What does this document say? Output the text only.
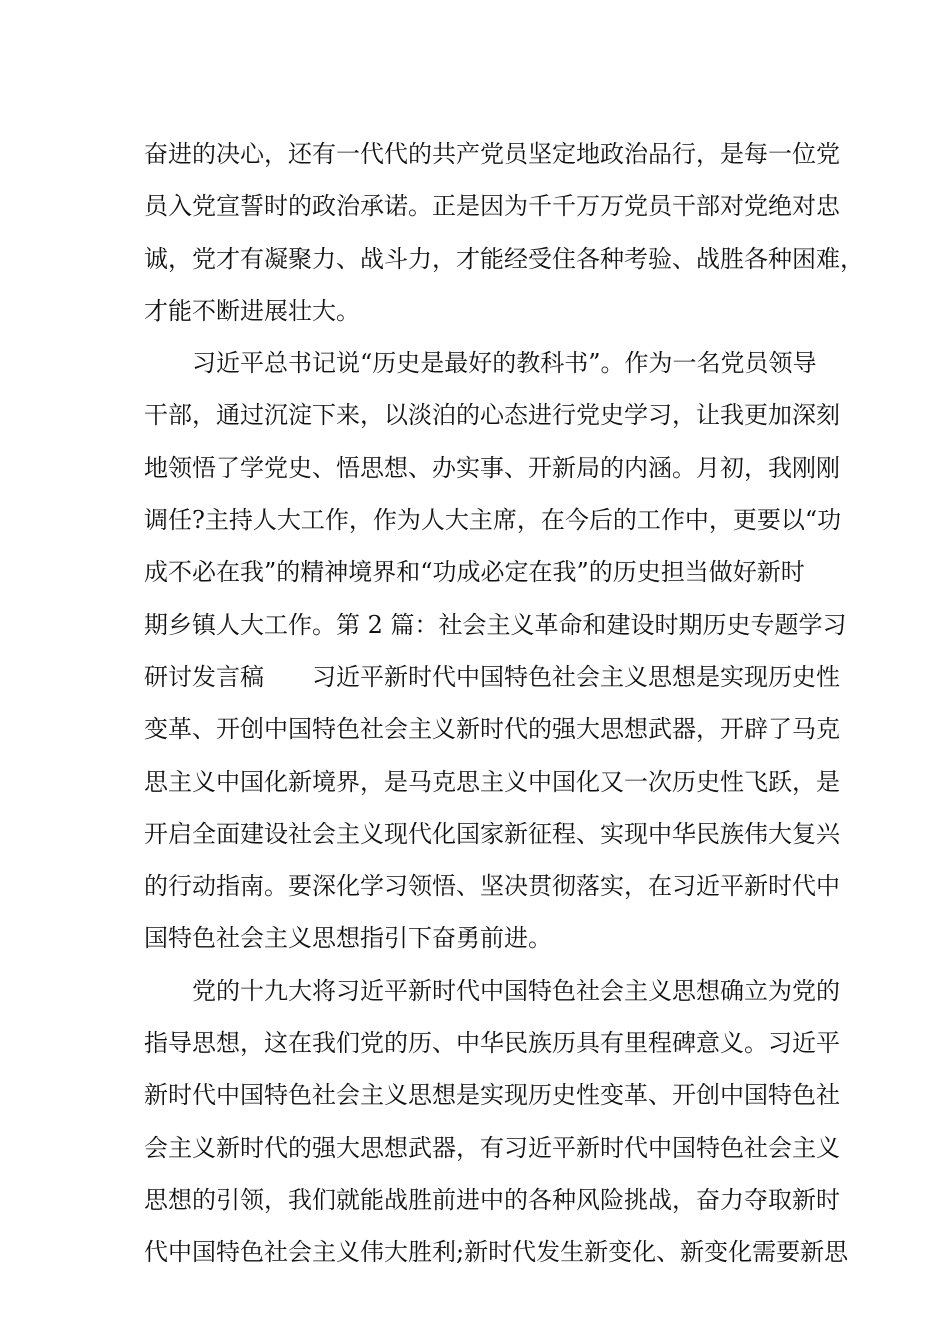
奋进的决心，还有一代代的共产党员坚定地政治品行，是每一位党
员入党宣誓时的政治承诺。正是因为千千万万党员干部对党绝对忠
诚，党才有凝聚力、战斗力，才能经受住各种考验、战胜各种困难，
才能不断进展壮大。
习近平总书记说“历史是最好的教科书”。作为一名党员领导
干部，通过沉淀下来，以淡泊的心态进行党史学习，让我更加深刻
地领悟了学党史、悟思想、办实事、开新局的内涵。月初，我刚刚
调任?主持人大工作，作为人大主席，在今后的工作中，更要以“功
成不必在我”的精神境界和“功成必定在我”的历史担当做好新时
期乡镇人大工作。第 2 篇：社会主义革命和建设时期历史专题学习
研讨发言稿　　习近平新时代中国特色社会主义思想是实现历史性
变革、开创中国特色社会主义新时代的强大思想武器，开辟了马克
思主义中国化新境界，是马克思主义中国化又一次历史性飞跃，是
开启全面建设社会主义现代化国家新征程、实现中华民族伟大复兴
的行动指南。要深化学习领悟、坚决贯彻落实，在习近平新时代中
国特色社会主义思想指引下奋勇前进。
党的十九大将习近平新时代中国特色社会主义思想确立为党的
指导思想，这在我们党的历、中华民族历具有里程碑意义。习近平
新时代中国特色社会主义思想是实现历史性变革、开创中国特色社
会主义新时代的强大思想武器，有习近平新时代中国特色社会主义
思想的引领，我们就能战胜前进中的各种风险挑战，奋力夺取新时
代中国特色社会主义伟大胜利;新时代发生新变化、新变化需要新思
